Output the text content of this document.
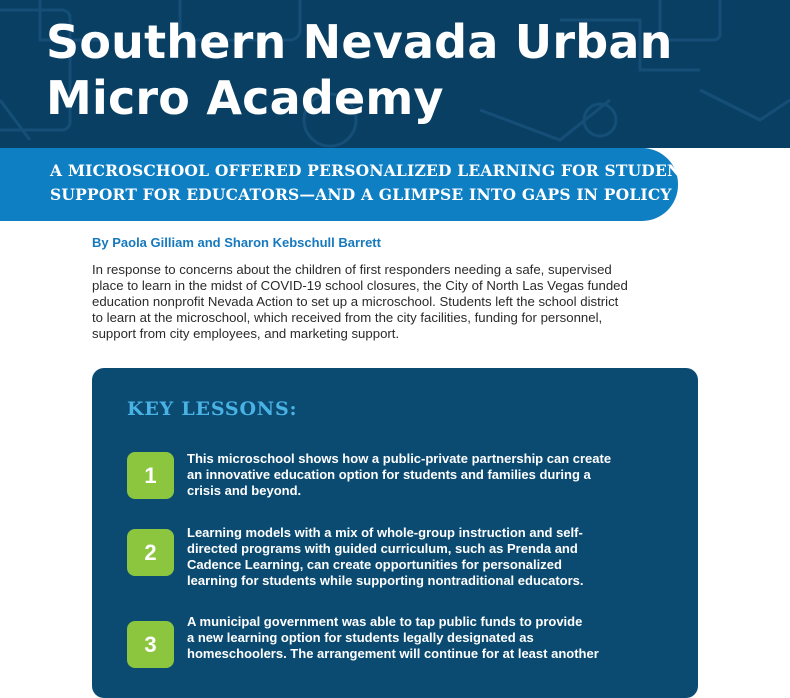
Southern Nevada Urban
Micro Academy

A MICROSCHOOL OFFERED PERSONALIZED LEARNING FOR STUDENTS,
SUPPORT FOR EDUCATORS—AND A GLIMPSE INTO GAPS IN POLICY

By Paola Gilliam and Sharon Kebschull Barrett

In response to concerns about the children of first responders needing a safe, supervised
place to learn in the midst of COVID-19 school closures, the City of North Las Vegas funded
education nonprofit Nevada Action to set up a microschool. Students left the school district
to learn at the microschool, which received from the city facilities, funding for personnel,
support from city employees, and marketing support.

KEY LESSONS:
1

This microschool shows how a public-private partnership can create
an innovative education option for students and families during a
crisis and beyond.

2

Learning models with a mix of whole-group instruction and self-
directed programs with guided curriculum, such as Prenda and
Cadence Learning, can create opportunities for personalized
learning for students while supporting nontraditional educators.

3

A municipal government was able to tap public funds to provide
a new learning option for students legally designated as
homeschoolers. The arrangement will continue for at least another
